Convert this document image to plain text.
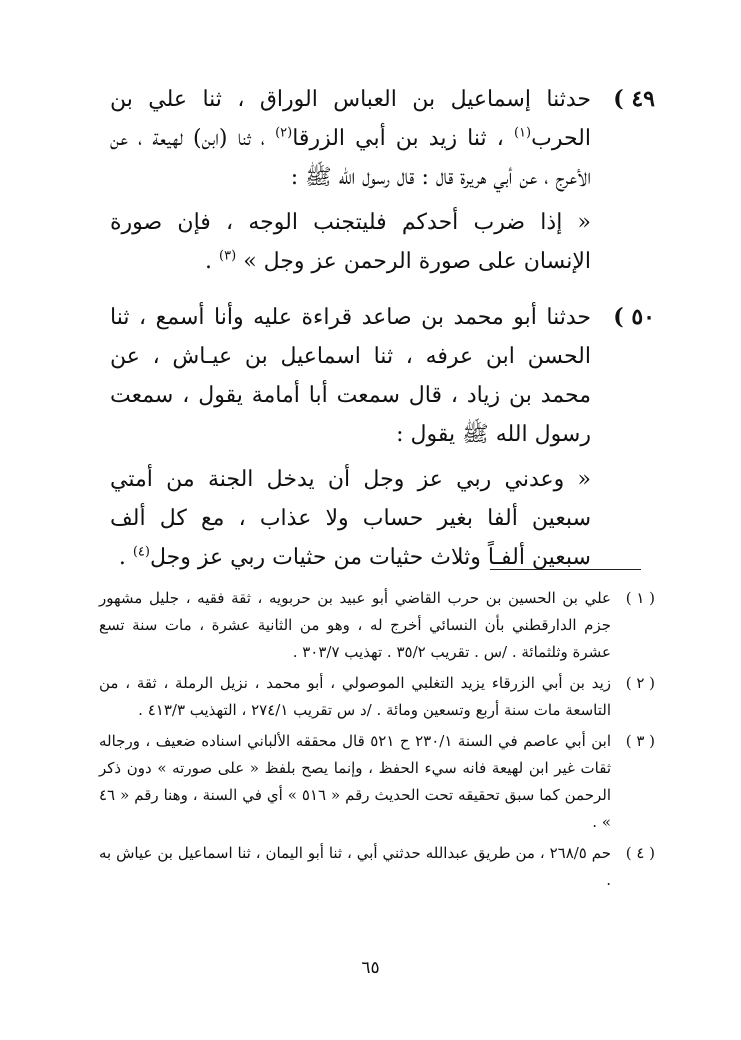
٤٩ )
حدثنا إسماعيل بن العباس الوراق ، ثنا علي بن الحرب$^{(١)}$ ، ثنا زيد بن أبي الزرقا$^{(٢)}$ ، ثنا (ابن) لهيعة ، عن الأعرج ، عن أبي هريرة قال : قال رسول الله ﷺ :
« إذا ضرب أحدكم فليتجنب الوجه ، فإن صورة الإنسان على صورة الرحمن عز وجل » $^{(٣)}$ .
٥٠ )
حدثنا أبو محمد بن صاعد قراءة عليه وأنا أسمع ، ثنا الحسن ابن عرفه ، ثنا اسماعيل بن عيـاش ، عن محمد بن زياد ، قال سمعت أبا أمامة يقول ، سمعت رسول الله ﷺ يقول :
« وعدني ربي عز وجل أن يدخل الجنة من أمتي سبعين ألفا بغير حساب ولا عذاب ، مع كل ألف سبعين ألفـاً وثلاث حثيات من حثيات ربي عز وجل$^{(٤)}$ .
( ١ )
علي بن الحسين بن حرب القاضي أبو عبيد بن حربويه ، ثقة فقيه ، جليل مشهور جزم الدارقطني بأن النسائي أخرج له ، وهو من الثانية عشرة ، مات سنة تسع عشرة وثلثمائة . /س . تقريب ٣٥/٢ . تهذيب ٣٠٣/٧ .
( ٢ )
زيد بن أبي الزرقاء يزيد التغلبي الموصولي ، أبو محمد ، نزيل الرملة ، ثقة ، من التاسعة مات سنة أربع وتسعين ومائة . /د س تقريب ٢٧٤/١ ، التهذيب ٤١٣/٣ .
( ٣ )
ابن أبي عاصم في السنة ٢٣٠/١ ح ٥٢١ قال محققه الألباني اسناده ضعيف ، ورجاله ثقات غير ابن لهيعة فانه سيء الحفظ ، وإنما يصح بلفظ « على صورته » دون ذكر الرحمن كما سبق تحقيقه تحت الحديث رقم « ٥١٦ » أي في السنة ، وهنا رقم « ٤٦ » .
( ٤ )
حم ٢٦٨/٥ ، من طريق عبدالله حدثني أبي ، ثنا أبو اليمان ، ثنا اسماعيل بن عياش به .
٦٥
